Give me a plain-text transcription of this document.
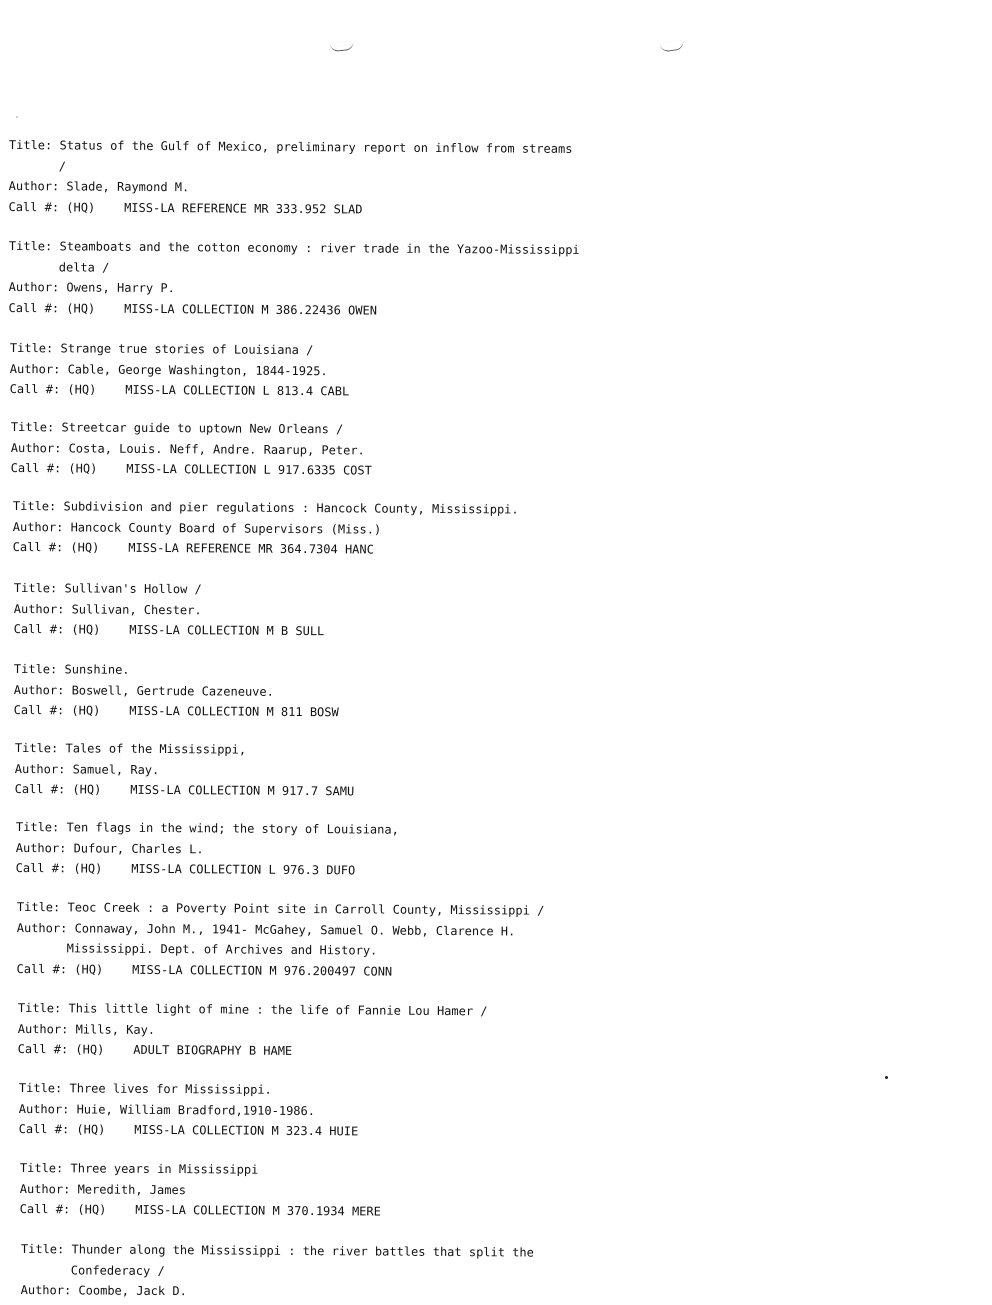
Title: Status of the Gulf of Mexico, preliminary report on inflow from streams
/
Author: Slade, Raymond M.
Call #: (HQ)    MISS-LA REFERENCE MR 333.952 SLAD
Title: Steamboats and the cotton economy : river trade in the Yazoo-Mississippi
delta /
Author: Owens, Harry P.
Call #: (HQ)    MISS-LA COLLECTION M 386.22436 OWEN
Title: Strange true stories of Louisiana /
Author: Cable, George Washington, 1844-1925.
Call #: (HQ)    MISS-LA COLLECTION L 813.4 CABL
Title: Streetcar guide to uptown New Orleans /
Author: Costa, Louis. Neff, Andre. Raarup, Peter.
Call #: (HQ)    MISS-LA COLLECTION L 917.6335 COST
Title: Subdivision and pier regulations : Hancock County, Mississippi.
Author: Hancock County Board of Supervisors (Miss.)
Call #: (HQ)    MISS-LA REFERENCE MR 364.7304 HANC
Title: Sullivan's Hollow /
Author: Sullivan, Chester.
Call #: (HQ)    MISS-LA COLLECTION M B SULL
Title: Sunshine.
Author: Boswell, Gertrude Cazeneuve.
Call #: (HQ)    MISS-LA COLLECTION M 811 BOSW
Title: Tales of the Mississippi,
Author: Samuel, Ray.
Call #: (HQ)    MISS-LA COLLECTION M 917.7 SAMU
Title: Ten flags in the wind; the story of Louisiana,
Author: Dufour, Charles L.
Call #: (HQ)    MISS-LA COLLECTION L 976.3 DUFO
Title: Teoc Creek : a Poverty Point site in Carroll County, Mississippi /
Author: Connaway, John M., 1941- McGahey, Samuel O. Webb, Clarence H.
Mississippi. Dept. of Archives and History.
Call #: (HQ)    MISS-LA COLLECTION M 976.200497 CONN
Title: This little light of mine : the life of Fannie Lou Hamer /
Author: Mills, Kay.
Call #: (HQ)    ADULT BIOGRAPHY B HAME
Title: Three lives for Mississippi.
Author: Huie, William Bradford,1910-1986.
Call #: (HQ)    MISS-LA COLLECTION M 323.4 HUIE
Title: Three years in Mississippi
Author: Meredith, James
Call #: (HQ)    MISS-LA COLLECTION M 370.1934 MERE
Title: Thunder along the Mississippi : the river battles that split the
Confederacy /
Author: Coombe, Jack D.
